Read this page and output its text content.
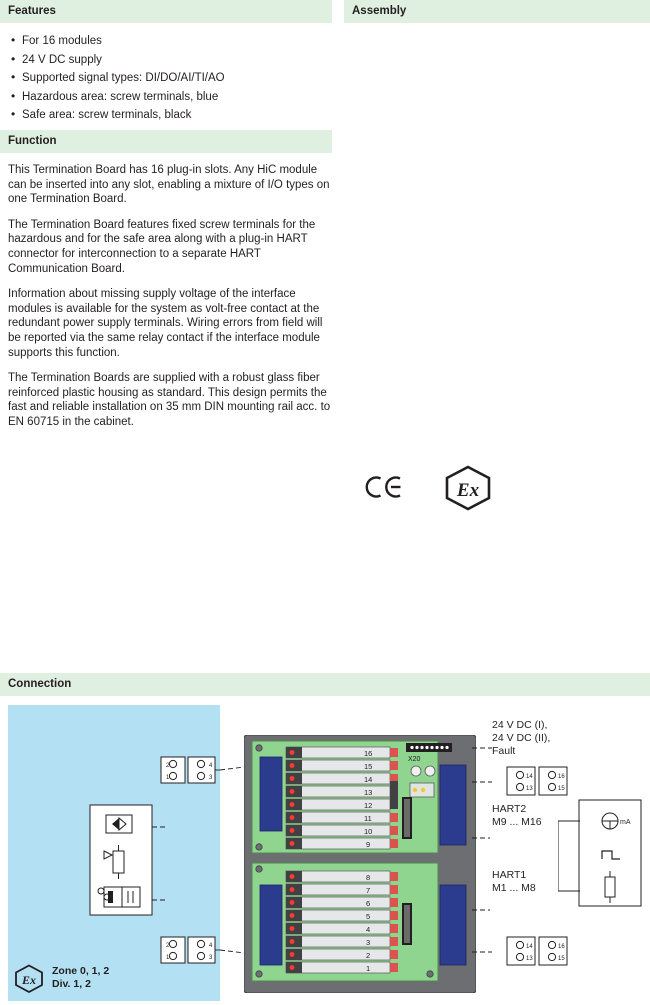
Features
• For 16 modules
• 24 V DC supply
• Supported signal types: DI/DO/AI/TI/AO
• Hazardous area: screw terminals, blue
• Safe area: screw terminals, black
Assembly
Function

This Termination Board has 16 plug-in slots. Any HiC module can be inserted into any slot, enabling a mixture of I/O types on one Termination Board.

The Termination Board features fixed screw terminals for the hazardous and for the safe area along with a plug-in HART connector for interconnection to a separate HART Communication Board.

Information about missing supply voltage of the interface modules is available for the system as volt-free contact at the redundant power supply terminals. Wiring errors from field will be reported via the same relay contact if the interface module supports this function.

The Termination Boards are supplied with a robust glass fiber reinforced plastic housing as standard. This design permits the fast and reliable installation on 35 mm DIN mounting rail acc. to EN 60715 in the cabinet.

Ex
Connection
Ex
Zone 0, 1, 2
Div. 1, 2
2
1
4
3
2
1
4
3
16
15
14
13
12
11
10
9
8
7
6
5
4
3
2
1
X20
24 V DC (I),
24 V DC (II),
Fault
14
13
16
15
HART2
M9 ... M16
HART1
M1 ... M8
mA
14
13
16
15
